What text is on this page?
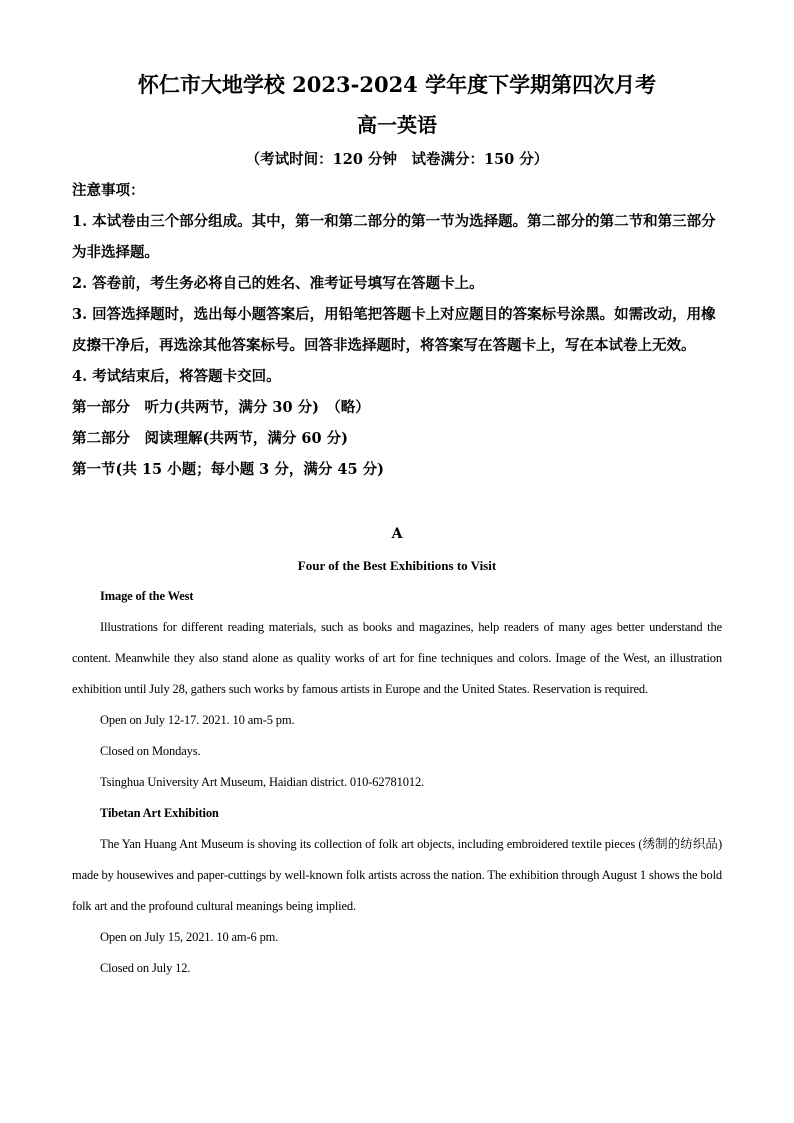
怀仁市大地学校 2023-2024 学年度下学期第四次月考
高一英语
（考试时间：120 分钟　试卷满分：150 分）

注意事项：

1. 本试卷由三个部分组成。其中，第一和第二部分的第一节为选择题。第二部分的第二节和第三部分为非选择题。

2. 答卷前，考生务必将自己的姓名、准考证号填写在答题卡上。

3. 回答选择题时，选出每小题答案后，用铅笔把答题卡上对应题目的答案标号涂黑。如需改动，用橡皮擦干净后，再选涂其他答案标号。回答非选择题时，将答案写在答题卡上，写在本试卷上无效。

4. 考试结束后，将答题卡交回。

第一部分　听力(共两节，满分 30 分)　（略）

第二部分　阅读理解(共两节，满分 60 分)

第一节(共 15 小题；每小题 3 分，满分 45 分)

A
Four of the Best Exhibitions to Visit

Image of the West

Illustrations for different reading materials, such as books and magazines, help readers of many ages better understand the content. Meanwhile they also stand alone as quality works of art for fine techniques and colors. Image of the West, an illustration exhibition until July 28, gathers such works by famous artists in Europe and the United States. Reservation is required.

Open on July 12-17. 2021. 10 am-5 pm.

Closed on Mondays.

Tsinghua University Art Museum, Haidian district. 010-62781012.

Tibetan Art Exhibition

The Yan Huang Ant Museum is shoving its collection of folk art objects, including embroidered textile pieces (绣制的纺织品) made by housewives and paper-cuttings by well-known folk artists across the nation. The exhibition through August 1 shows the bold folk art and the profound cultural meanings being implied.

Open on July 15, 2021. 10 am-6 pm.

Closed on July 12.
